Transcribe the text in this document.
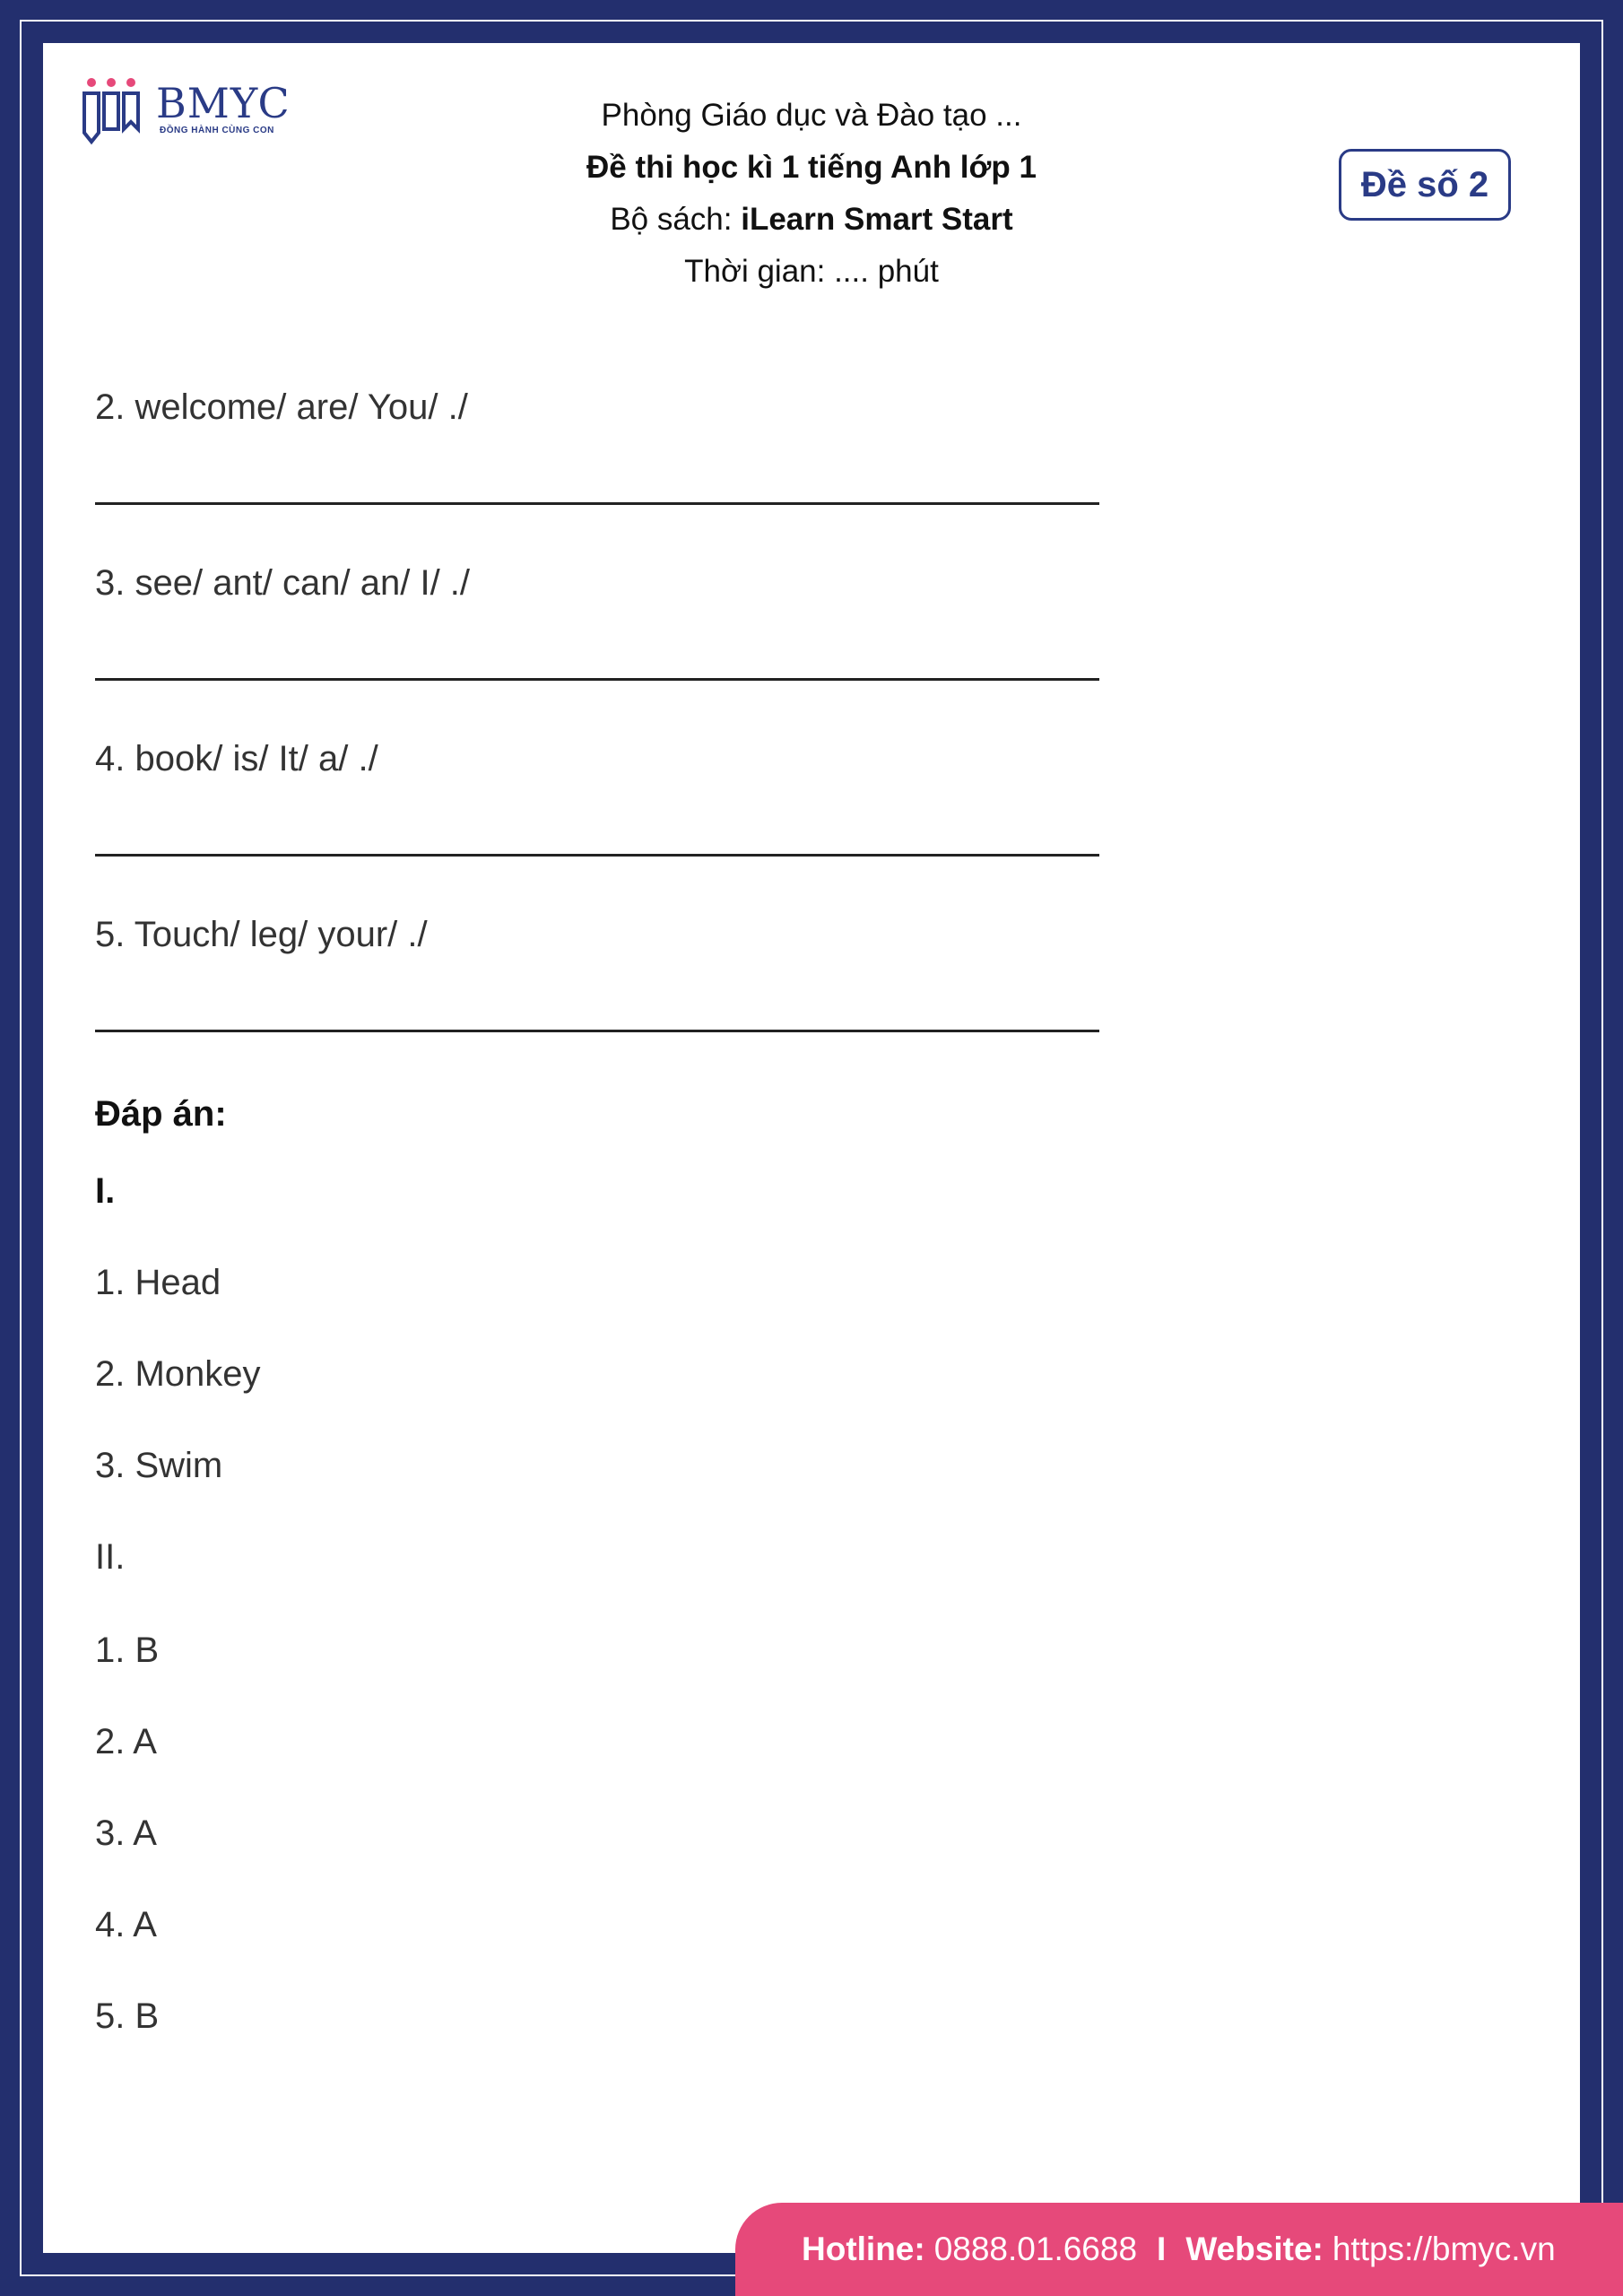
BMYC
ĐỒNG HÀNH CÙNG CON	Phòng Giáo dục và Đào tạo ...
Đề thi học kì 1 tiếng Anh lớp 1
Bộ sách: iLearn Smart Start
Thời gian: .... phút
Đề số 2
2. welcome/ are/ You/ ./
3. see/ ant/ can/ an/ I/ ./
4. book/ is/ It/ a/ ./
5. Touch/ leg/ your/ ./
Đáp án:
I.
1. Head
2. Monkey
3. Swim
II.
1. B
2. A
3. A
4. A
5. B
Hotline: 0888.01.6688 I Website: https://bmyc.vn
